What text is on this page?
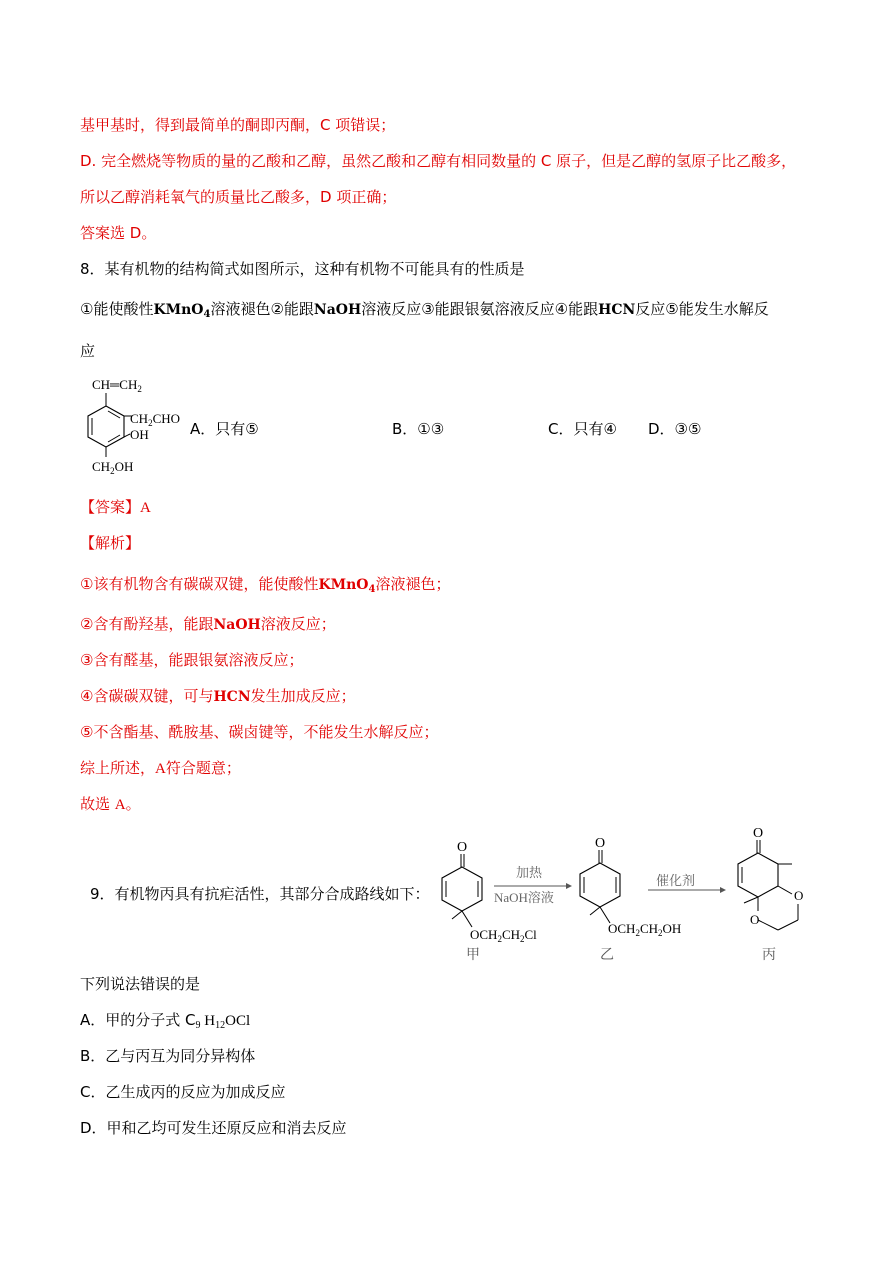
基甲基时，得到最简单的酮即丙酮，C 项错误；
D. 完全燃烧等物质的量的乙酸和乙醇，虽然乙酸和乙醇有相同数量的 C 原子，但是乙醇的氢原子比乙酸多，
所以乙醇消耗氧气的质量比乙酸多，D 项正确；
答案选 D。
8．某有机物的结构简式如图所示，这种有机物不可能具有的性质是
①能使酸性KMnO$_4$溶液褪色②能跟NaOH溶液反应③能跟银氨溶液反应④能跟HCN反应⑤能发生水解反
应
$CH═CH_2$
$CH_2CHO$
OH
$CH_2OH$
A．只有⑤	B．①③	C．只有④ D．③⑤
【答案】A
【解析】
①该有机物含有碳碳双键，能使酸性KMnO$_4$溶液褪色；
②含有酚羟基，能跟NaOH溶液反应；
③含有醛基，能跟银氨溶液反应；
④含碳碳双键，可与HCN发生加成反应；
⑤不含酯基、酰胺基、碳卤键等，不能发生水解反应；
综上所述，A符合题意；
故选 A。
9．有机物丙具有抗疟活性，其部分合成路线如下：
O
$OCH_2CH_2Cl$
甲
加热
NaOH溶液
O
$OCH_2CH_2OH$
乙
催化剂
O
O
O
丙
下列说法错误的是
A．甲的分子式 $C_9$ $H_{12}OCl$
B．乙与丙互为同分异构体
C．乙生成丙的反应为加成反应
D．甲和乙均可发生还原反应和消去反应
